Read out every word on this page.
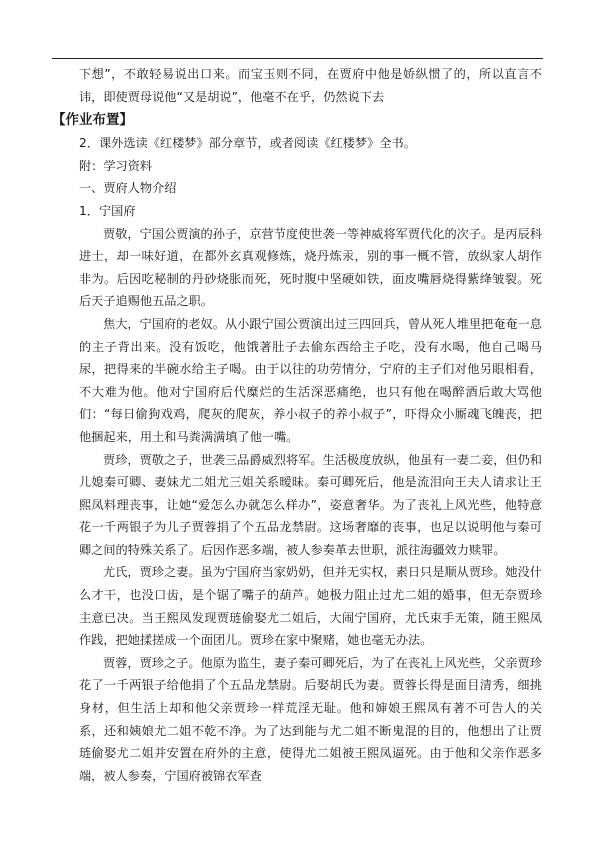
下想”，不敢轻易说出口来。而宝玉则不同，在贾府中他是娇纵惯了的，所以直言不讳，即使贾母说他“又是胡说”，他毫不在乎，仍然说下去

【作业布置】

2．课外选读《红楼梦》部分章节，或者阅读《红楼梦》全书。

附：学习资料

一、贾府人物介绍

1．宁国府

贾敬，宁国公贾演的孙子，京营节度使世袭一等神威将军贾代化的次子。是丙辰科进士，却一味好道，在都外玄真观修炼，烧丹炼汞，别的事一概不管，放纵家人胡作非为。后因吃秘制的丹砂烧胀而死，死时腹中坚硬如铁，面皮嘴唇烧得紫绛皱裂。死后天子追赐他五品之职。

焦大，宁国府的老奴。从小跟宁国公贾演出过三四回兵，曾从死人堆里把奄奄一息的主子背出来。没有饭吃，他饿著肚子去偷东西给主子吃，没有水喝，他自己喝马尿，把得来的半碗水给主子喝。由于以往的功劳情分，宁府的主子们对他另眼相看，不大难为他。他对宁国府后代糜烂的生活深恶痛绝，也只有他在喝醉酒后敢大骂他们：“每日偷狗戏鸡，爬灰的爬灰，养小叔子的养小叔子”，吓得众小厮魂飞魄丧，把他捆起来，用土和马粪满满填了他一嘴。

贾珍，贾敬之子，世袭三品爵威烈将军。生活极度放纵，他虽有一妻二妾，但仍和儿媳秦可卿、妻妹尤二姐尤三姐关系暧昧。秦可卿死后，他是流泪向王夫人请求让王熙凤料理丧事，让她“爱怎么办就怎么样办”，姿意奢华。为了丧礼上风光些，他特意花一千两银子为儿子贾蓉捐了个五品龙禁尉。这场奢靡的丧事，也足以说明他与秦可卿之间的特殊关系了。后因作恶多端，被人参奏革去世职，派往海疆效力赎罪。

尤氏，贾珍之妻。虽为宁国府当家奶奶，但并无实权，素日只是顺从贾珍。她没什么才干，也没口齿，是个锯了嘴子的葫芦。她极力阻止过尤二姐的婚事，但无奈贾珍主意已决。当王熙凤发现贾琏偷娶尤二姐后，大闹宁国府，尤氏束手无策，随王熙凤作践，把她揉搓成一个面团儿。贾珍在家中聚赌，她也毫无办法。

贾蓉，贾珍之子。他原为监生，妻子秦可卿死后，为了在丧礼上风光些，父亲贾珍花了一千两银子给他捐了个五品龙禁尉。后娶胡氏为妻。贾蓉长得是面目清秀，细挑身材，但生活上却和他父亲贾珍一样荒淫无耻。他和婶娘王熙凤有著不可告人的关系，还和姨娘尤二姐不乾不净。为了达到能与尤二姐不断鬼混的目的，他想出了让贾琏偷娶尤二姐并安置在府外的主意，使得尤二姐被王熙凤逼死。由于他和父亲作恶多端，被人参奏，宁国府被锦衣军查
